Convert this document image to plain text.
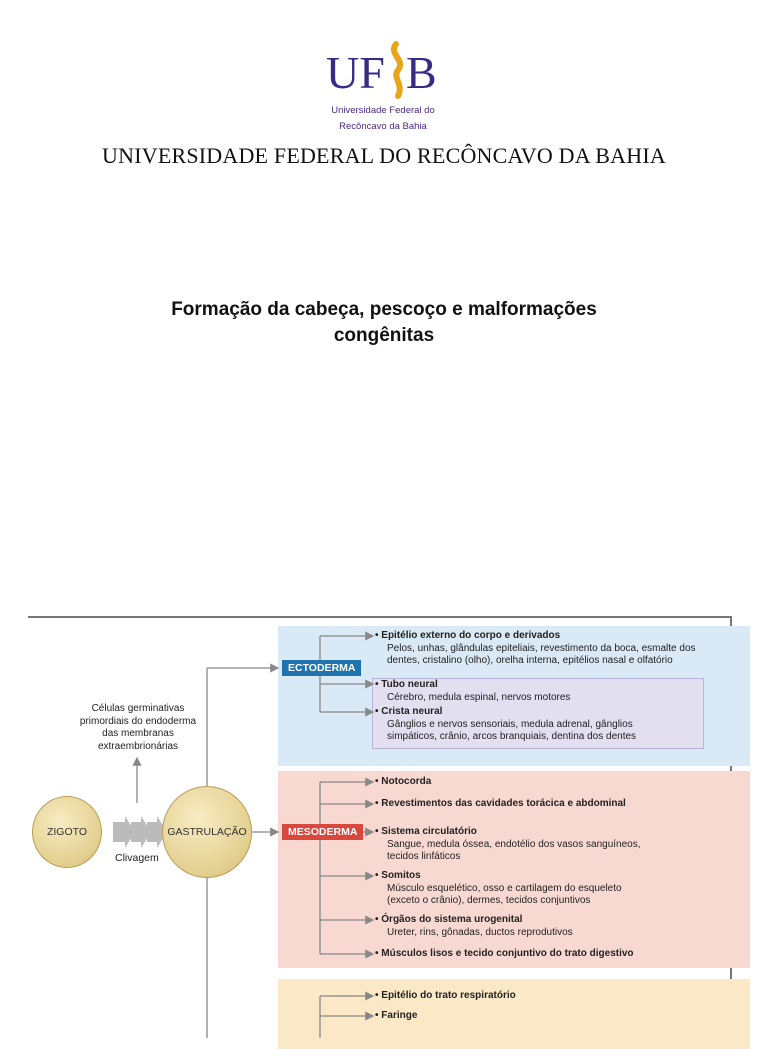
UF B
Universidade Federal do
Recôncavo da Bahia
UNIVERSIDADE FEDERAL DO RECÔNCAVO DA BAHIA
Formação da cabeça, pescoço e malformações
congênitas
ZIGOTO	GASTRULAÇÃO
Clivagem
Células germinativas
primordiais do endoderma
das membranas
extraembrionárias
ECTODERMA
MESODERMA
• Epitélio externo do corpo e derivados
Pelos, unhas, glândulas epiteliais, revestimento da boca, esmalte dos
dentes, cristalino (olho), orelha interna, epitélios nasal e olfatório
• Tubo neural
Cérebro, medula espinal, nervos motores
• Crista neural
Gânglios e nervos sensoriais, medula adrenal, gânglios
simpáticos, crânio, arcos branquiais, dentina dos dentes
• Notocorda
• Revestimentos das cavidades torácica e abdominal
• Sistema circulatório
Sangue, medula óssea, endotélio dos vasos sanguíneos,
tecidos linfáticos
• Somitos
Músculo esquelético, osso e cartilagem do esqueleto
(exceto o crânio), dermes, tecidos conjuntivos
• Órgãos do sistema urogenital
Ureter, rins, gônadas, ductos reprodutivos
• Músculos lisos e tecido conjuntivo do trato digestivo
• Epitélio do trato respiratório
• Faringe
